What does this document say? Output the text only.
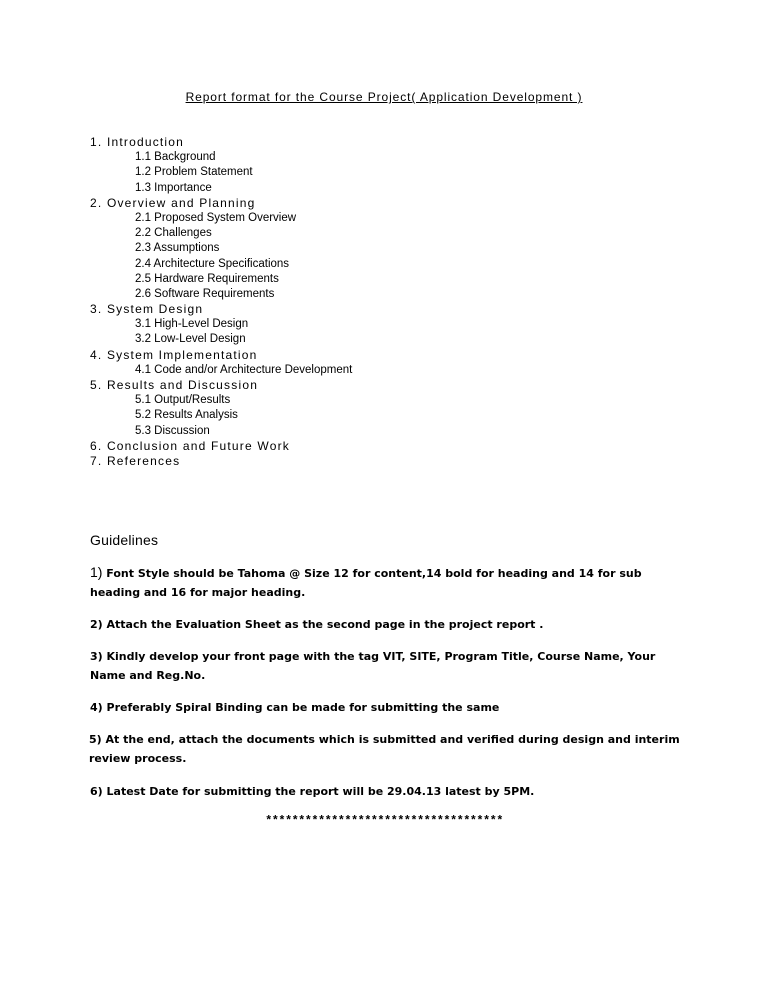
Report format for the Course Project( Application Development )
1. Introduction
1.1 Background
1.2 Problem Statement
1.3 Importance
2. Overview and Planning
2.1 Proposed System Overview
2.2 Challenges
2.3 Assumptions
2.4 Architecture Specifications
2.5 Hardware Requirements
2.6 Software Requirements
3. System Design
3.1 High-Level Design
3.2 Low-Level Design
4. System Implementation
4.1 Code and/or Architecture Development
5. Results and Discussion
5.1 Output/Results
5.2 Results Analysis
5.3 Discussion
6. Conclusion and Future Work
7. References
Guidelines
1) Font Style should be Tahoma @ Size 12 for content,14 bold for heading and 14 for sub heading and 16 for major heading.
2) Attach the Evaluation Sheet as the second page in the project report .
3) Kindly develop your front page with the tag VIT, SITE, Program Title, Course Name, Your Name and Reg.No.
4) Preferably Spiral Binding can be made for submitting the same
5) At the end, attach the documents which is submitted and verified during design and interim review process.
6) Latest Date for submitting the report will be 29.04.13 latest by 5PM.
************************************
